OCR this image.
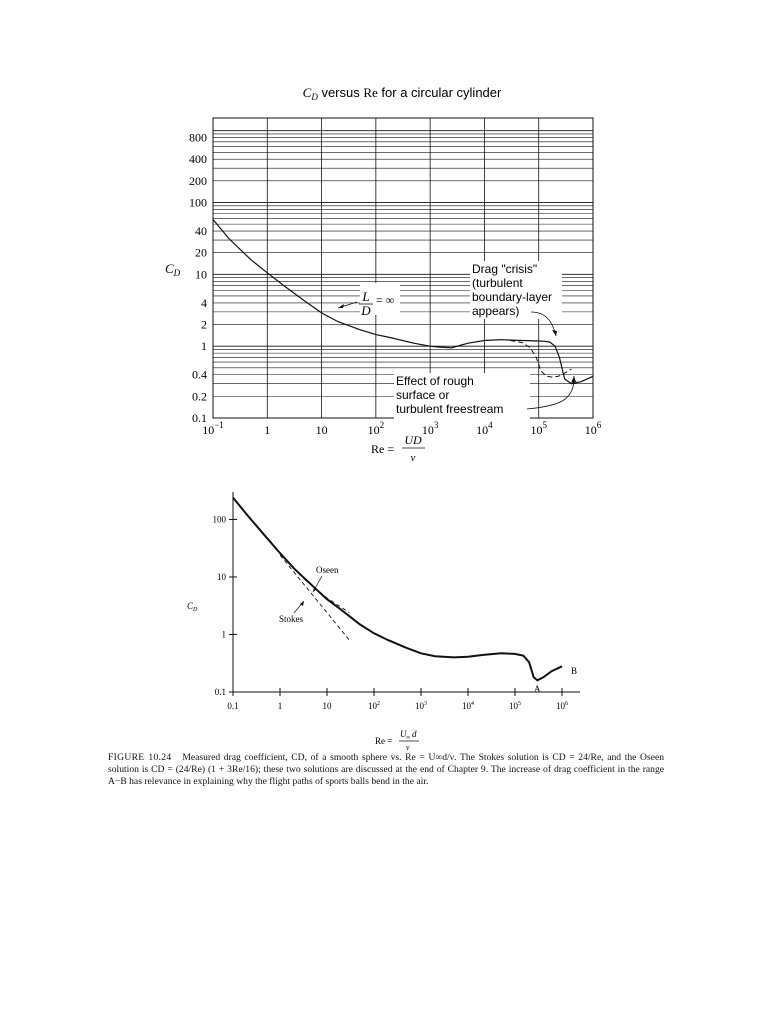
$C_D$ versus Re for a circular cylinder
800
400
200
100
40
20
10
4
2
1
0.4
0.2
0.1
$10^{-1}$	1	10	$10^2$	$10^3$	$10^4$	$10^5$	$10^6$
$C_D$
L
D
= ∞
Drag "crisis"
(turbulent
boundary-layer
appears)
Effect of rough
surface or
turbulent freestream
Re =
UD
ν
100
10
1
0.1
0.1	1	10	$10^2$	$10^3$	$10^4$	$10^5$	$10^6$
$C_D$
Oseen
Stokes
A
B
Re =
U ∞ d
ν
FIGURE 10.24 Measured drag coefficient, CD, of a smooth sphere vs. Re = U∞d/ν. The Stokes solution is CD = 24/Re, and the Oseen solution is CD = (24/Re) (1 + 3Re/16); these two solutions are discussed at the end of Chapter 9. The increase of drag coefficient in the range A−B has relevance in explaining why the flight paths of sports balls bend in the air.
